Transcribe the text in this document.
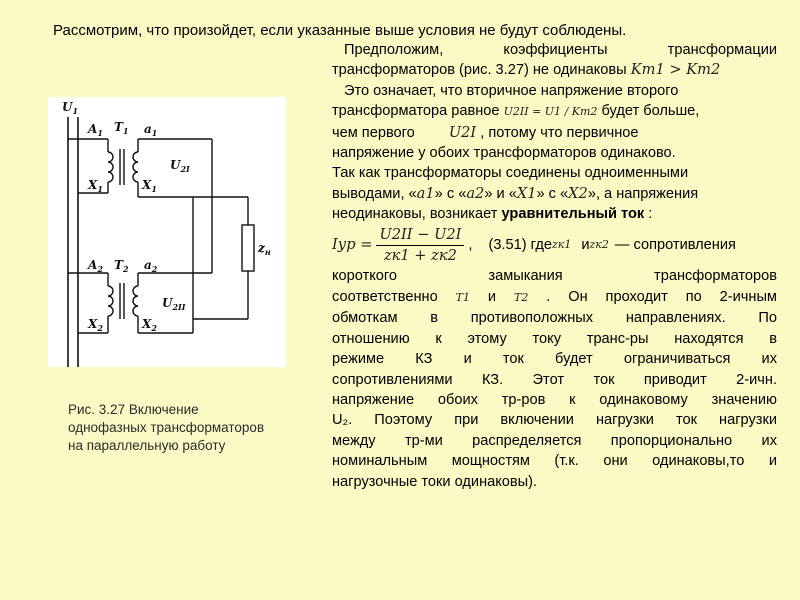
Рассмотрим, что произойдет, если указанные выше условия не будут соблюдены.
$U_1$
$A_1$ $T_1$ $a_1$
$X_1$	$X_1$
$U_{2I}$
$A_2$ $T_2$ $a_2$
$X_2$	$X_2$
$U_{2II}$
$z_н$
Рис. 3.27 Включение однофазных трансформаторов на параллельную работу
Предположим, коэффициенты трансформации
трансформаторов (рис. 3.27) не одинаковы Kт1 > Kт2
Это означает, что вторичное напряжение второго
трансформатора равное U2II = U1 / Kт2 будет больше,
чем первого U2I , потому что первичное
напряжение у обоих трансформаторов одинаково.
Так как трансформаторы соединены одноименными
выводами, «a1» с «a2» и «X1» с «X2», а напряжения
неодинаковы, возникает уравнительный ток :
Iур = $\frac{U2II - U2I}{zк1 + zк2}$ , (3.51) где zк1 и zк2 — сопротивления
короткого замыкания трансформаторов
соответственно T1 и T2 . Он проходит по 2-ичным
обмоткам в противоположных направлениях. По
отношению к этому току транс-ры находятся в
режиме КЗ и ток будет ограничиваться их
сопротивлениями КЗ. Этот ток приводит 2-ичн.
напряжение обоих тр-ров к одинаковому значению
U₂. Поэтому при включении нагрузки ток нагрузки
между тр-ми распределяется пропорционально их
номинальным мощностям (т.к. они одинаковы,то и
нагрузочные токи одинаковы).
